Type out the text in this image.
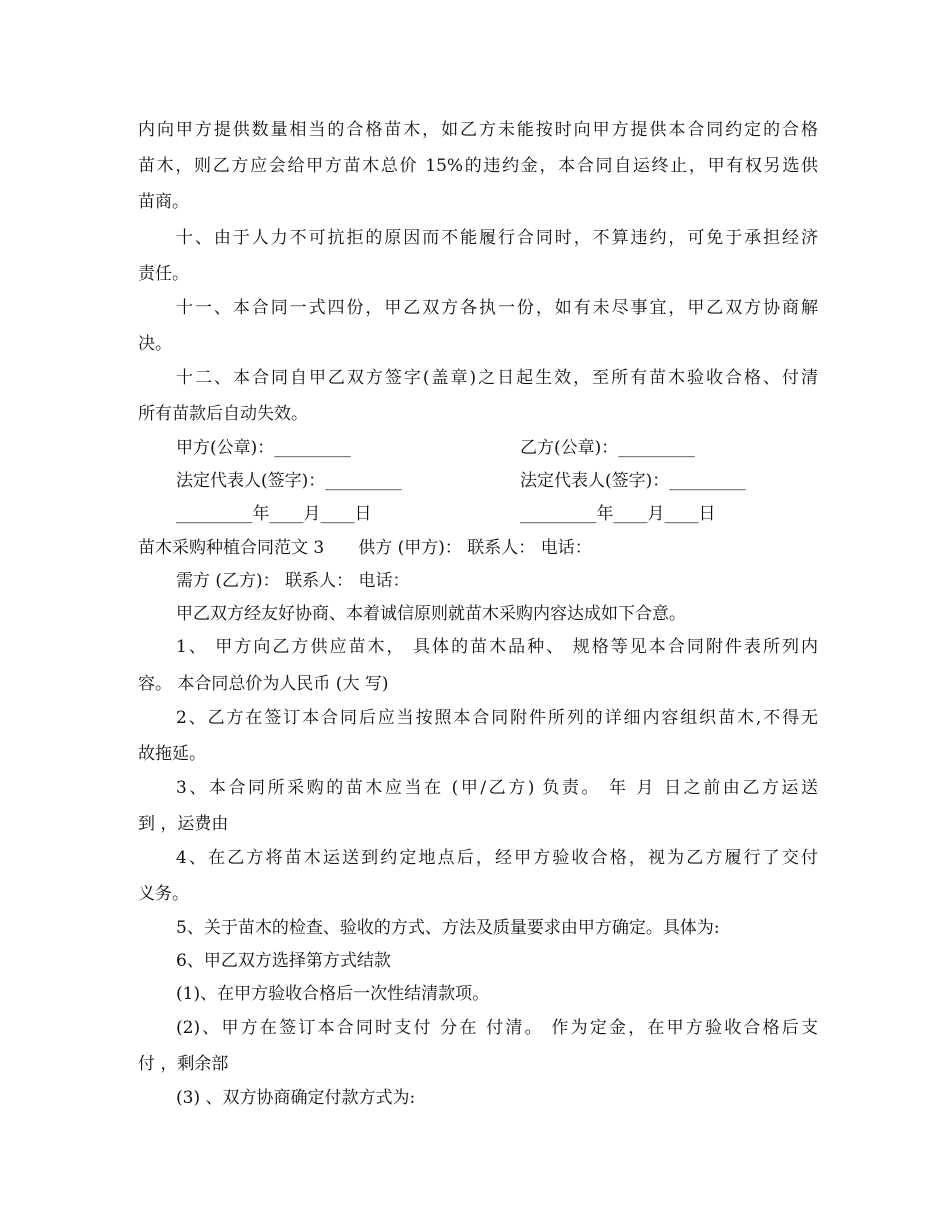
内向甲方提供数量相当的合格苗木，如乙方未能按时向甲方提供本合同约定的合格
苗木，则乙方应会给甲方苗木总价 15%的违约金，本合同自运终止，甲有权另选供
苗商。
十、由于人力不可抗拒的原因而不能履行合同时，不算违约，可免于承担经济
责任。
十一、本合同一式四份，甲乙双方各执一份，如有未尽事宜，甲乙双方协商解
决。
十二、本合同自甲乙双方签字(盖章)之日起生效，至所有苗木验收合格、付清
所有苗款后自动失效。
甲方(公章)：_________	乙方(公章)：_________
法定代表人(签字)：_________	法定代表人(签字)：_________
_________年____月____日	_________年____月____日
苗木采购种植合同范文 3　　供方 (甲方)： 联系人： 电话：
需方 (乙方)： 联系人： 电话：
甲乙双方经友好协商、本着诚信原则就苗木采购内容达成如下合意。
1、 甲方向乙方供应苗木， 具体的苗木品种、 规格等见本合同附件表所列内
容。 本合同总价为人民币 (大 写)
2、乙方在签订本合同后应当按照本合同附件所列的详细内容组织苗木,不得无
故拖延。
3、本合同所采购的苗木应当在 (甲/乙方) 负责。 年 月 日之前由乙方运送
到 ，运费由
4、在乙方将苗木运送到约定地点后，经甲方验收合格，视为乙方履行了交付
义务。
5、关于苗木的检查、验收的方式、方法及质量要求由甲方确定。具体为:
6、甲乙双方选择第方式结款
(1)、在甲方验收合格后一次性结清款项。
(2)、甲方在签订本合同时支付 分在 付清。 作为定金，在甲方验收合格后支
付 ，剩余部
(3) 、双方协商确定付款方式为:
